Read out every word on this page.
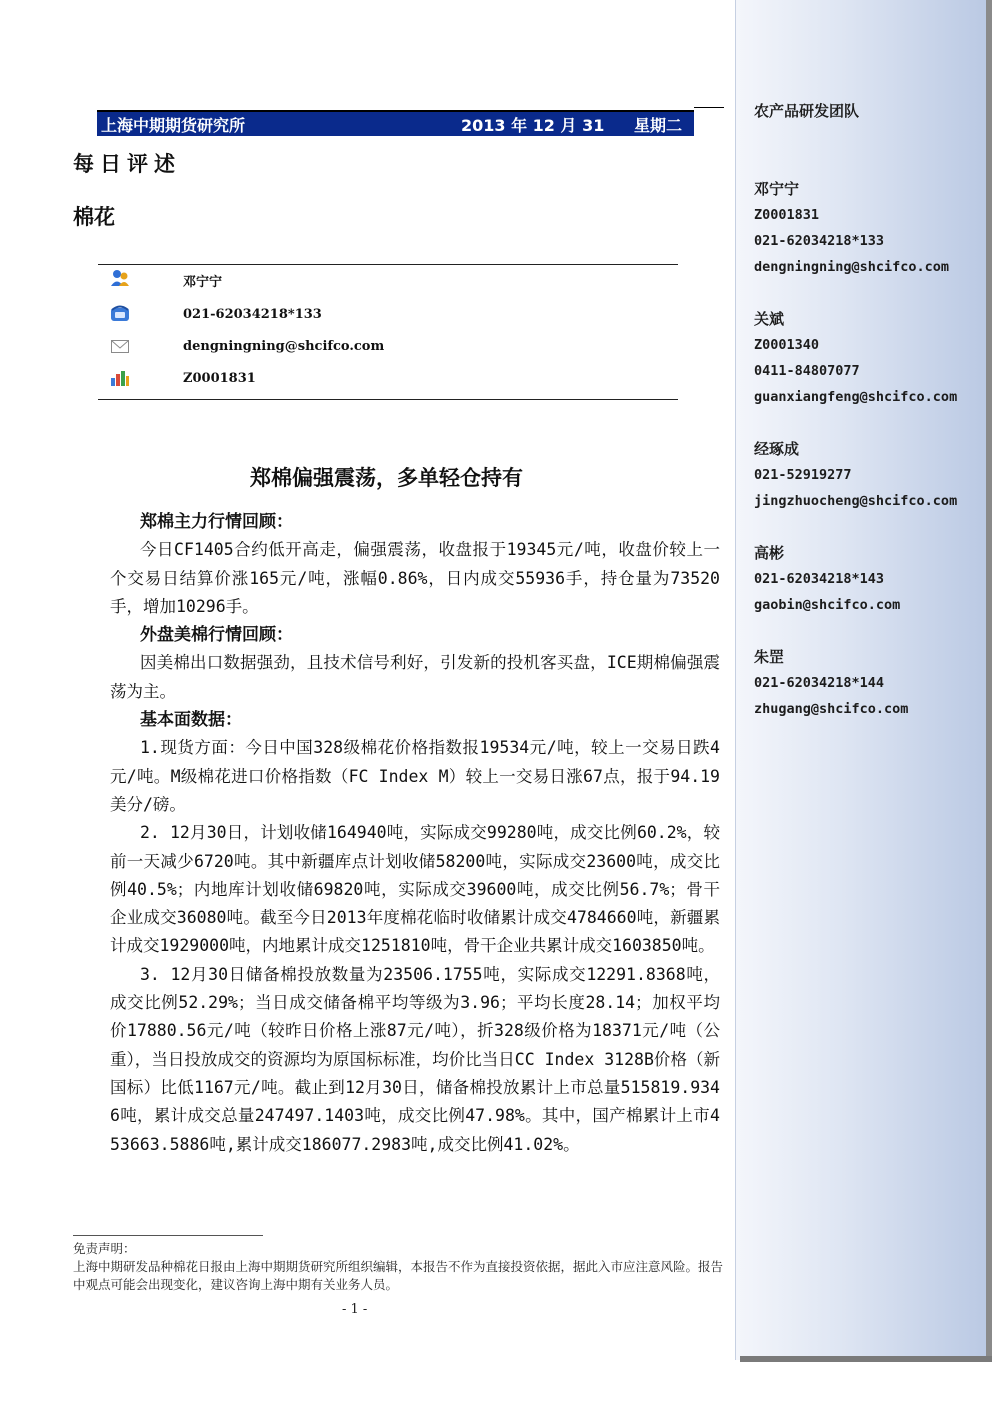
农产品研发团队
邓宁宁
Z0001831
021-62034218*133
dengningning@shcifco.com
关斌
Z0001340
0411-84807077
guanxiangfeng@shcifco.com
经琢成
021-52919277
jingzhuocheng@shcifco.com
高彬
021-62034218*143
gaobin@shcifco.com
朱罡
021-62034218*144
zhugang@shcifco.com
上海中期期货研究所	2013 年 12 月 31 星期二
每日评述
棉花
邓宁宁
021-62034218*133
dengningning@shcifco.com
Z0001831
郑棉偏强震荡，多单轻仓持有
郑棉主力行情回顾：
今日CF1405合约低开高走，偏强震荡，收盘报于19345元/吨，收盘价较上一个交易日结算价涨165元/吨，涨幅0.86%，日内成交55936手，持仓量为73520手，增加10296手。
外盘美棉行情回顾：
因美棉出口数据强劲，且技术信号利好，引发新的投机客买盘，ICE期棉偏强震荡为主。
基本面数据：
1.现货方面：今日中国328级棉花价格指数报19534元/吨，较上一交易日跌4元/吨。M级棉花进口价格指数（FC Index M）较上一交易日涨67点，报于94.19美分/磅。
2. 12月30日，计划收储164940吨，实际成交99280吨，成交比例60.2%，较前一天减少6720吨。其中新疆库点计划收储58200吨，实际成交23600吨，成交比例40.5%；内地库计划收储69820吨，实际成交39600吨，成交比例56.7%；骨干企业成交36080吨。截至今日2013年度棉花临时收储累计成交4784660吨，新疆累计成交1929000吨，内地累计成交1251810吨，骨干企业共累计成交1603850吨。
3. 12月30日储备棉投放数量为23506.1755吨，实际成交12291.8368吨，成交比例52.29%；当日成交储备棉平均等级为3.96；平均长度28.14；加权平均价17880.56元/吨（较昨日价格上涨87元/吨），折328级价格为18371元/吨（公重），当日投放成交的资源均为原国标标准，均价比当日CC Index 3128B价格（新国标）比低1167元/吨。截止到12月30日，储备棉投放累计上市总量515819.9346吨，累计成交总量247497.1403吨，成交比例47.98%。其中，国产棉累计上市453663.5886吨,累计成交186077.2983吨,成交比例41.02%。
免责声明：
上海中期研发品种棉花日报由上海中期期货研究所组织编辑，本报告不作为直接投资依据，据此入市应注意风险。报告中观点可能会出现变化，建议咨询上海中期有关业务人员。
- 1 -
